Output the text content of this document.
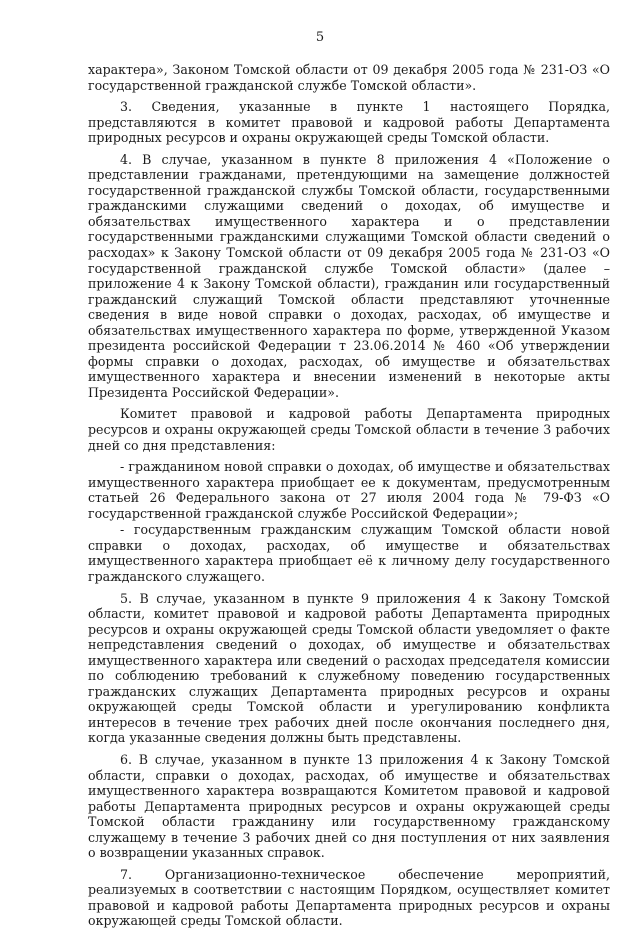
5

характера», Законом Томской области от 09 декабря 2005 года № 231-ОЗ «О государственной гражданской службе Томской области».

3. Сведения, указанные в пункте 1 настоящего Порядка, представляются в комитет правовой и кадровой работы Департамента природных ресурсов и охраны окружающей среды Томской области.

4. В случае, указанном в пункте 8 приложения 4 «Положение о представлении гражданами, претендующими на замещение должностей государственной гражданской службы Томской области, государственными гражданскими служащими сведений о доходах, об имуществе и обязательствах имущественного характера и о представлении государственными гражданскими служащими Томской области сведений о расходах» к Закону Томской области от 09 декабря 2005 года № 231-ОЗ «О государственной гражданской службе Томской области» (далее – приложение 4 к Закону Томской области), гражданин или государственный гражданский служащий Томской области представляют уточненные сведения в виде новой справки о доходах, расходах, об имуществе и обязательствах имущественного характера по форме, утвержденной Указом президента российской Федерации т 23.06.2014 № 460 «Об утверждении формы справки о доходах, расходах, об имуществе и обязательствах имущественного характера и внесении изменений в некоторые акты Президента Российской Федерации».

Комитет правовой и кадровой работы Департамента природных ресурсов и охраны окружающей среды Томской области в течение 3 рабочих дней со дня представления:

- гражданином новой справки о доходах, об имуществе и обязательствах имущественного характера приобщает ее к документам, предусмотренным статьей 26 Федерального закона от 27 июля 2004 года № 79-ФЗ «О государственной гражданской службе Российской Федерации»;

- государственным гражданским служащим Томской области новой справки о доходах, расходах, об имуществе и обязательствах имущественного характера приобщает её к личному делу государственного гражданского служащего.

5. В случае, указанном в пункте 9 приложения 4 к Закону Томской области, комитет правовой и кадровой работы Департамента природных ресурсов и охраны окружающей среды Томской области уведомляет о факте непредставления сведений о доходах, об имуществе и обязательствах имущественного характера или сведений о расходах председателя комиссии по соблюдению требований к служебному поведению государственных гражданских служащих Департамента природных ресурсов и охраны окружающей среды Томской области и урегулированию конфликта интересов в течение трех рабочих дней после окончания последнего дня, когда указанные сведения должны быть представлены.

6. В случае, указанном в пункте 13 приложения 4 к Закону Томской области, справки о доходах, расходах, об имуществе и обязательствах имущественного характера возвращаются Комитетом правовой и кадровой работы Департамента природных ресурсов и охраны окружающей среды Томской области гражданину или государственному гражданскому служащему в течение 3 рабочих дней со дня поступления от них заявления о возвращении указанных справок.

7. Организационно-техническое обеспечение мероприятий, реализуемых в соответствии с настоящим Порядком, осуществляет комитет правовой и кадровой работы Департамента природных ресурсов и охраны окружающей среды Томской области.
